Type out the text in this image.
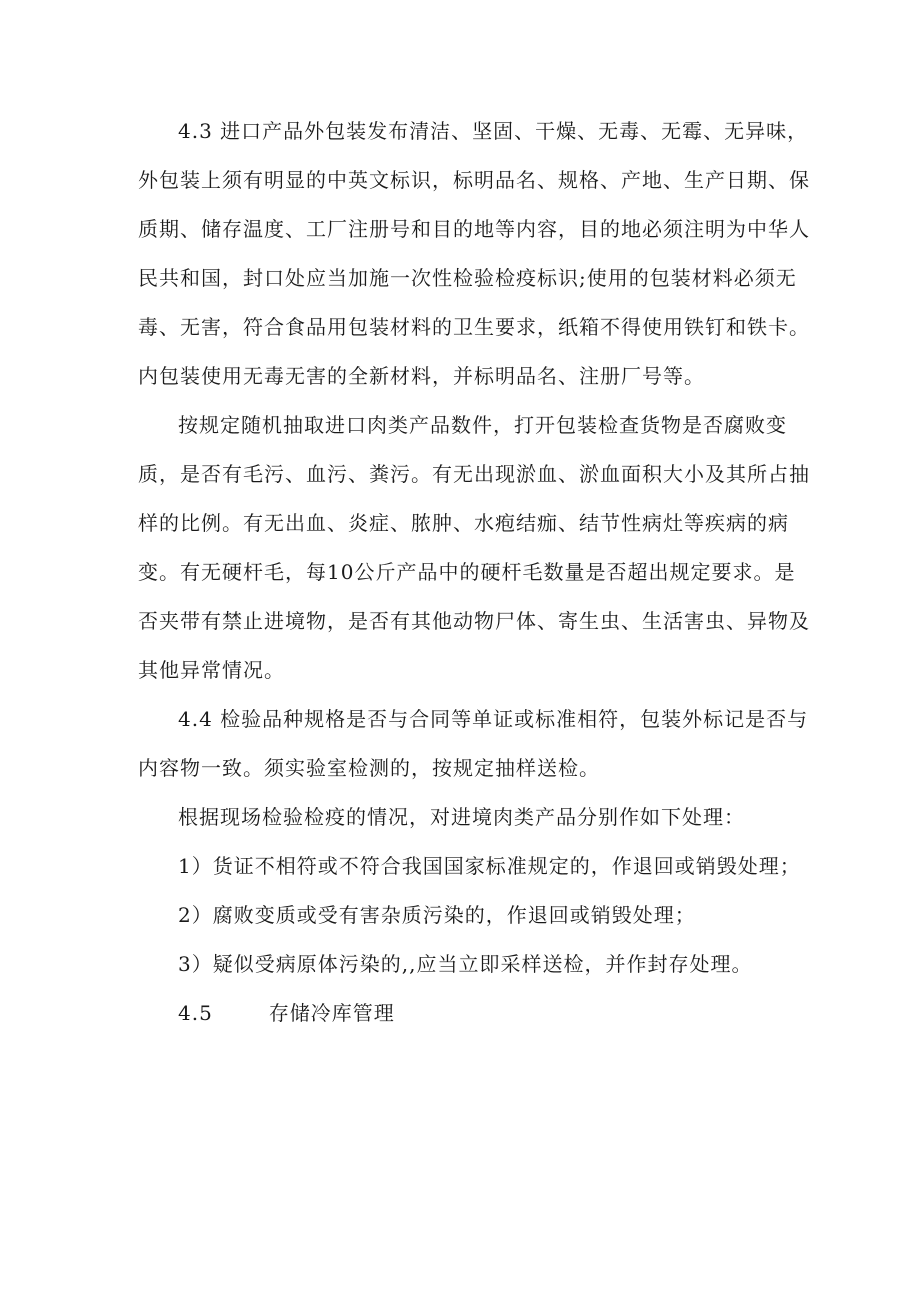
4.3 进口产品外包装发布清洁、坚固、干燥、无毒、无霉、无异味，
外包装上须有明显的中英文标识，标明品名、规格、产地、生产日期、保
质期、储存温度、工厂注册号和目的地等内容，目的地必须注明为中华人
民共和国，封口处应当加施一次性检验检疫标识;使用的包装材料必须无
毒、无害，符合食品用包装材料的卫生要求，纸箱不得使用铁钉和铁卡。
内包装使用无毒无害的全新材料，并标明品名、注册厂号等。
按规定随机抽取进口肉类产品数件，打开包装检查货物是否腐败变
质，是否有毛污、血污、粪污。有无出现淤血、淤血面积大小及其所占抽
样的比例。有无出血、炎症、脓肿、水疱结痂、结节性病灶等疾病的病
变。有无硬杆毛，每10公斤产品中的硬杆毛数量是否超出规定要求。是
否夹带有禁止进境物，是否有其他动物尸体、寄生虫、生活害虫、异物及
其他异常情况。
4.4 检验品种规格是否与合同等单证或标准相符，包装外标记是否与
内容物一致。须实验室检测的，按规定抽样送检。
根据现场检验检疫的情况，对进境肉类产品分别作如下处理：
1）货证不相符或不符合我国国家标准规定的，作退回或销毁处理；
2）腐败变质或受有害杂质污染的，作退回或销毁处理；
3）疑似受病原体污染的,,应当立即采样送检，并作封存处理。
4.5	存储冷库管理
